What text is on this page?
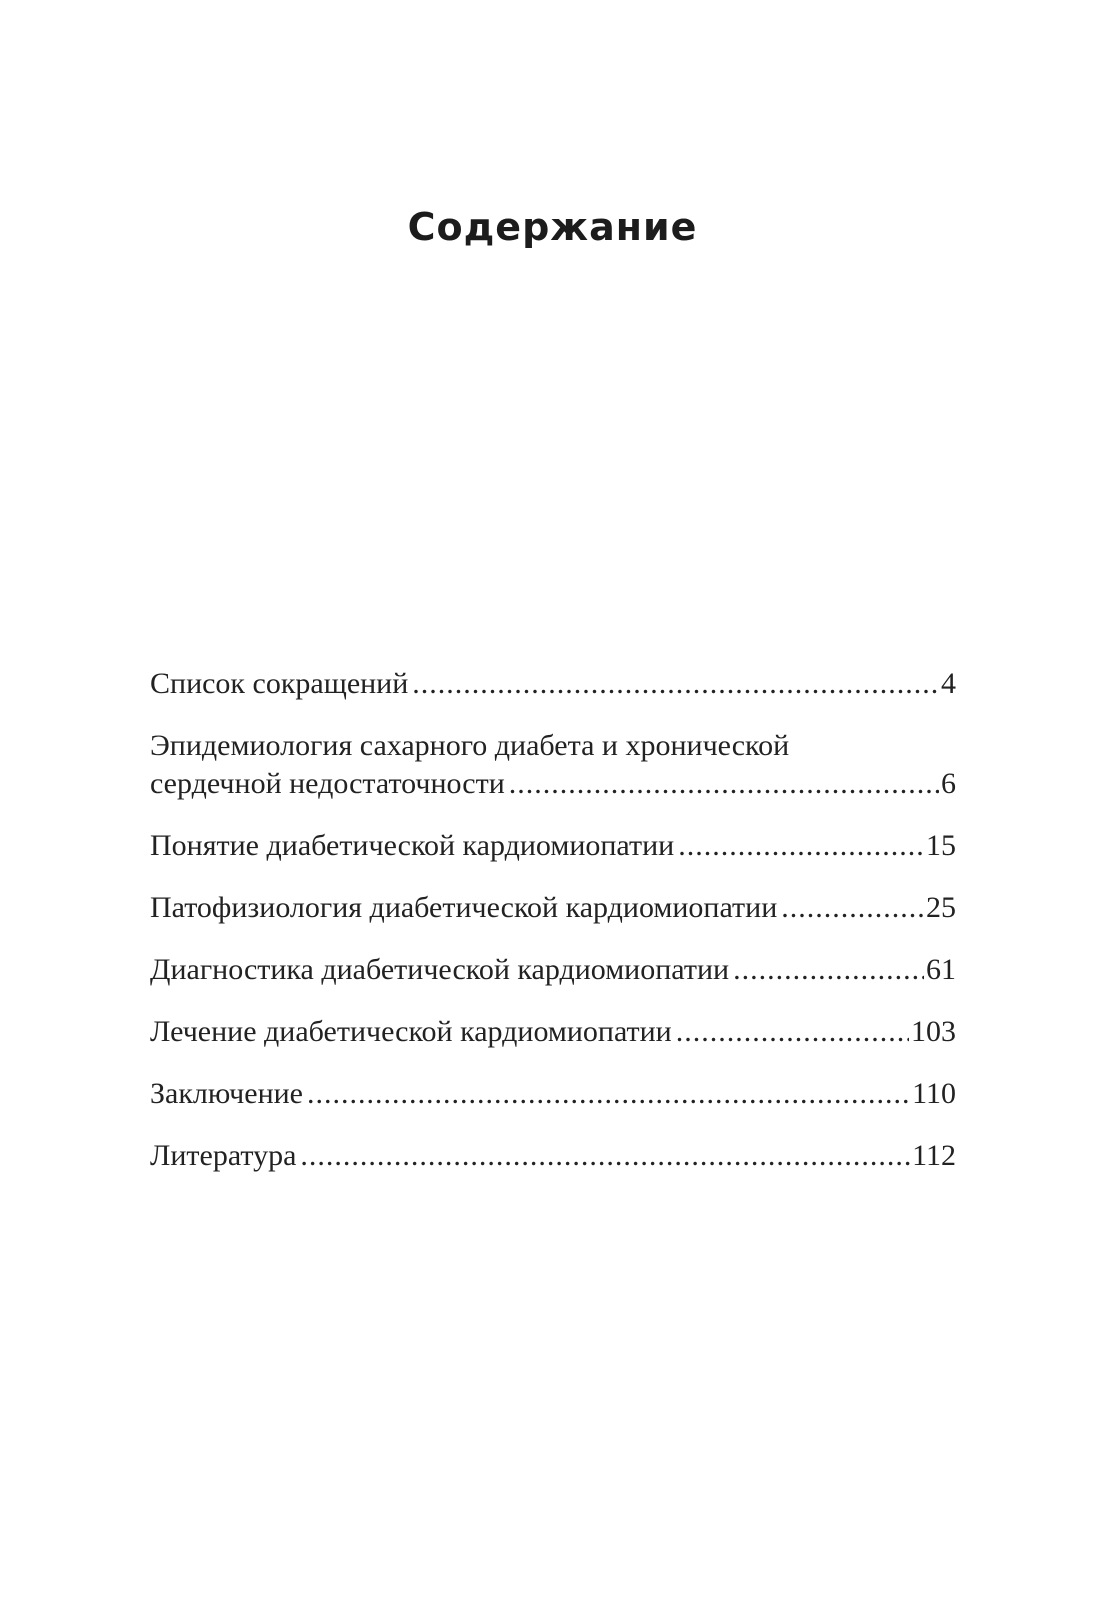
Содержание
Список сокращений .....	4
Эпидемиология сахарного диабета и хронической
сердечной недостаточности .....	6
Понятие диабетической кардиомиопатии .....	15
Патофизиология диабетической кардиомиопатии .....	25
Диагностика диабетической кардиомиопатии .....	61
Лечение диабетической кардиомиопатии .....	103
Заключение .....	110
Литература .....	112
